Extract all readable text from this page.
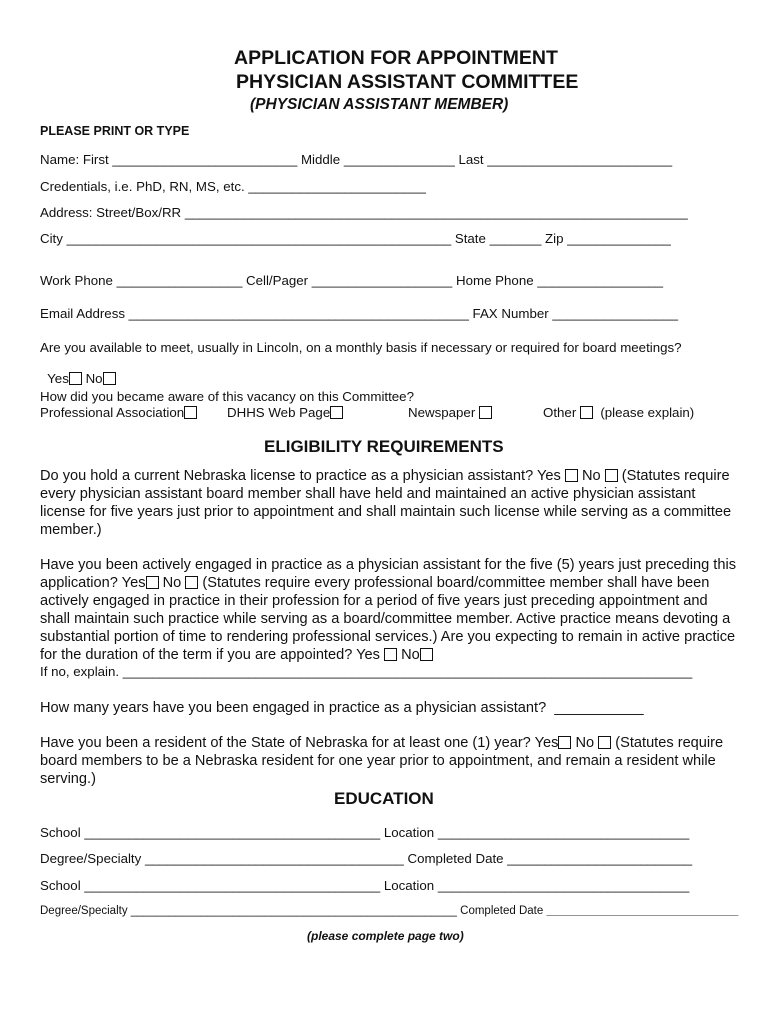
APPLICATION FOR APPOINTMENT
PHYSICIAN ASSISTANT COMMITTEE
(PHYSICIAN ASSISTANT MEMBER)
PLEASE PRINT OR TYPE
Name: First _________________________ Middle _______________ Last _________________________
Credentials, i.e. PhD, RN, MS, etc. ________________________
Address: Street/Box/RR ____________________________________________________________________
City ____________________________________________________ State _______ Zip ______________
Work Phone _________________ Cell/Pager ___________________ Home Phone _________________
Email Address ______________________________________________ FAX Number _________________
Are you available to meet, usually in Lincoln, on a monthly basis if necessary or required for board meetings?

Yes No

How did you became aware of this vacancy on this Committee?
Professional Association	DHHS Web Page	Newspaper	Other (please explain)
ELIGIBILITY REQUIREMENTS
Do you hold a current Nebraska license to practice as a physician assistant? Yes No (Statutes require every physician assistant board member shall have held and maintained an active physician assistant license for five years just prior to appointment and shall maintain such license while serving as a committee member.)
Have you been actively engaged in practice as a physician assistant for the five (5) years just preceding this application? Yes No (Statutes require every professional board/committee member shall have been actively engaged in practice in their profession for a period of five years just preceding appointment and shall maintain such practice while serving as a board/committee member. Active practice means devoting a substantial portion of time to rendering professional services.) Are you expecting to remain in active practice for the duration of the term if you are appointed? Yes No
If no, explain. _____________________________________________________________________________
How many years have you been engaged in practice as a physician assistant?  ___________
Have you been a resident of the State of Nebraska for at least one (1) year? Yes No (Statutes require board members to be a Nebraska resident for one year prior to appointment, and remain a resident while serving.)
EDUCATION
School ________________________________________ Location __________________________________
Degree/Specialty ___________________________________ Completed Date _________________________
School ________________________________________ Location __________________________________
Degree/Specialty ___________________________________________________ Completed Date ______________________________
(please complete page two)
